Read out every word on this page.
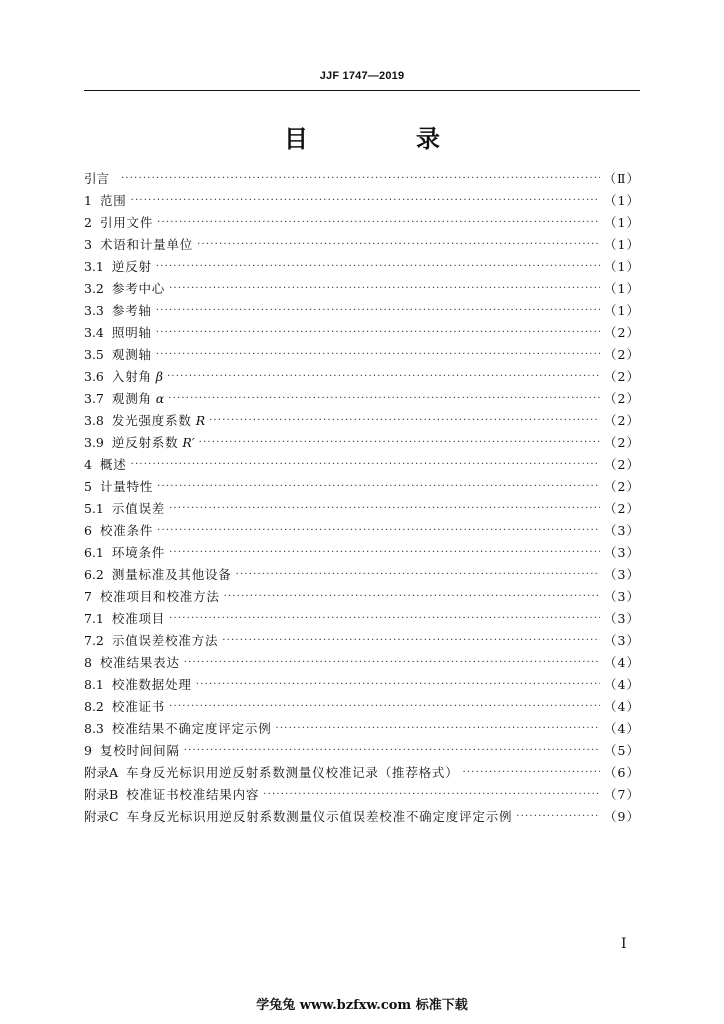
JJF 1747—2019
目　录
引言 ·····	（Ⅱ）
1 范围 ·····	（1）
2 引用文件 ·····	（1）
3 术语和计量单位 ·····	（1）
3.1 逆反射 ·····	（1）
3.2 参考中心 ·····	（1）
3.3 参考轴 ·····	（1）
3.4 照明轴 ·····	（2）
3.5 观测轴 ·····	（2）
3.6 入射角 β ·····	（2）
3.7 观测角 α ·····	（2）
3.8 发光强度系数 R ·····	（2）
3.9 逆反射系数 R′ ·····	（2）
4 概述 ·····	（2）
5 计量特性 ·····	（2）
5.1 示值误差 ·····	（2）
6 校准条件 ·····	（3）
6.1 环境条件 ·····	（3）
6.2 测量标准及其他设备 ·····	（3）
7 校准项目和校准方法 ·····	（3）
7.1 校准项目 ·····	（3）
7.2 示值误差校准方法 ·····	（3）
8 校准结果表达 ·····	（4）
8.1 校准数据处理 ·····	（4）
8.2 校准证书 ·····	（4）
8.3 校准结果不确定度评定示例 ·····	（4）
9 复校时间间隔 ·····	（5）
附录A 车身反光标识用逆反射系数测量仪校准记录（推荐格式） ·····	（6）
附录B 校准证书校准结果内容 ·····	（7）
附录C 车身反光标识用逆反射系数测量仪示值误差校准不确定度评定示例 ·····	（9）
I
学兔兔 www.bzfxw.com 标准下载
